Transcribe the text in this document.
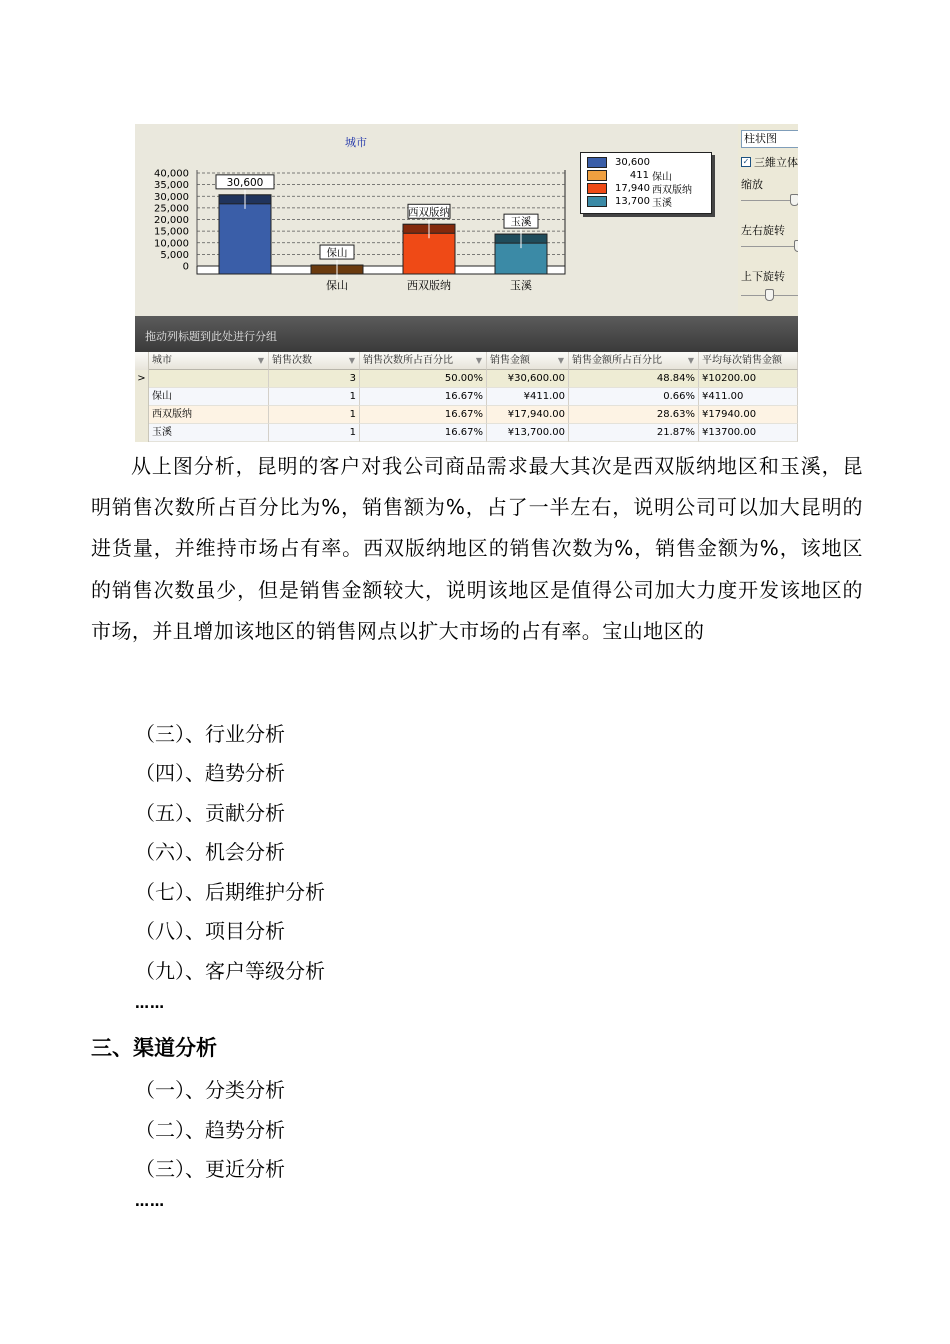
城市
40,000
35,000
30,000
25,000
20,000
15,000
10,000
5,000
0
30,600
保山
保山
西双版纳
西双版纳
玉溪
玉溪
30,600
411 保山
17,940 西双版纳
13,700 玉溪
柱状图
✓ 三維立体
缩放
左右旋转
上下旋转
拖动列标题到此处进行分组
城市	▼ 销售次数	▼ 销售次数所占百分比	▼ 销售金额	▼ 销售金额所占百分比	▼ 平均每次销售金额
>	3	50.00%	¥30,600.00	48.84% ¥10200.00
保山	1	16.67%	¥411.00	0.66% ¥411.00
西双版纳	1	16.67%	¥17,940.00	28.63% ¥17940.00
玉溪	1	16.67%	¥13,700.00	21.87% ¥13700.00

从上图分析，昆明的客户对我公司商品需求最大其次是西双版纳地区和玉溪，昆明销售次数所占百分比为%，销售额为%，占了一半左右，说明公司可以加大昆明的进货量，并维持市场占有率。西双版纳地区的销售次数为%，销售金额为%，该地区的销售次数虽少，但是销售金额较大，说明该地区是值得公司加大力度开发该地区的市场，并且增加该地区的销售网点以扩大市场的占有率。宝山地区的

（三）、行业分析
（四）、趋势分析
（五）、贡献分析
（六）、机会分析
（七）、后期维护分析
（八）、项目分析
（九）、客户等级分析
……
三、渠道分析
（一）、分类分析
（二）、趋势分析
（三）、更近分析
……
